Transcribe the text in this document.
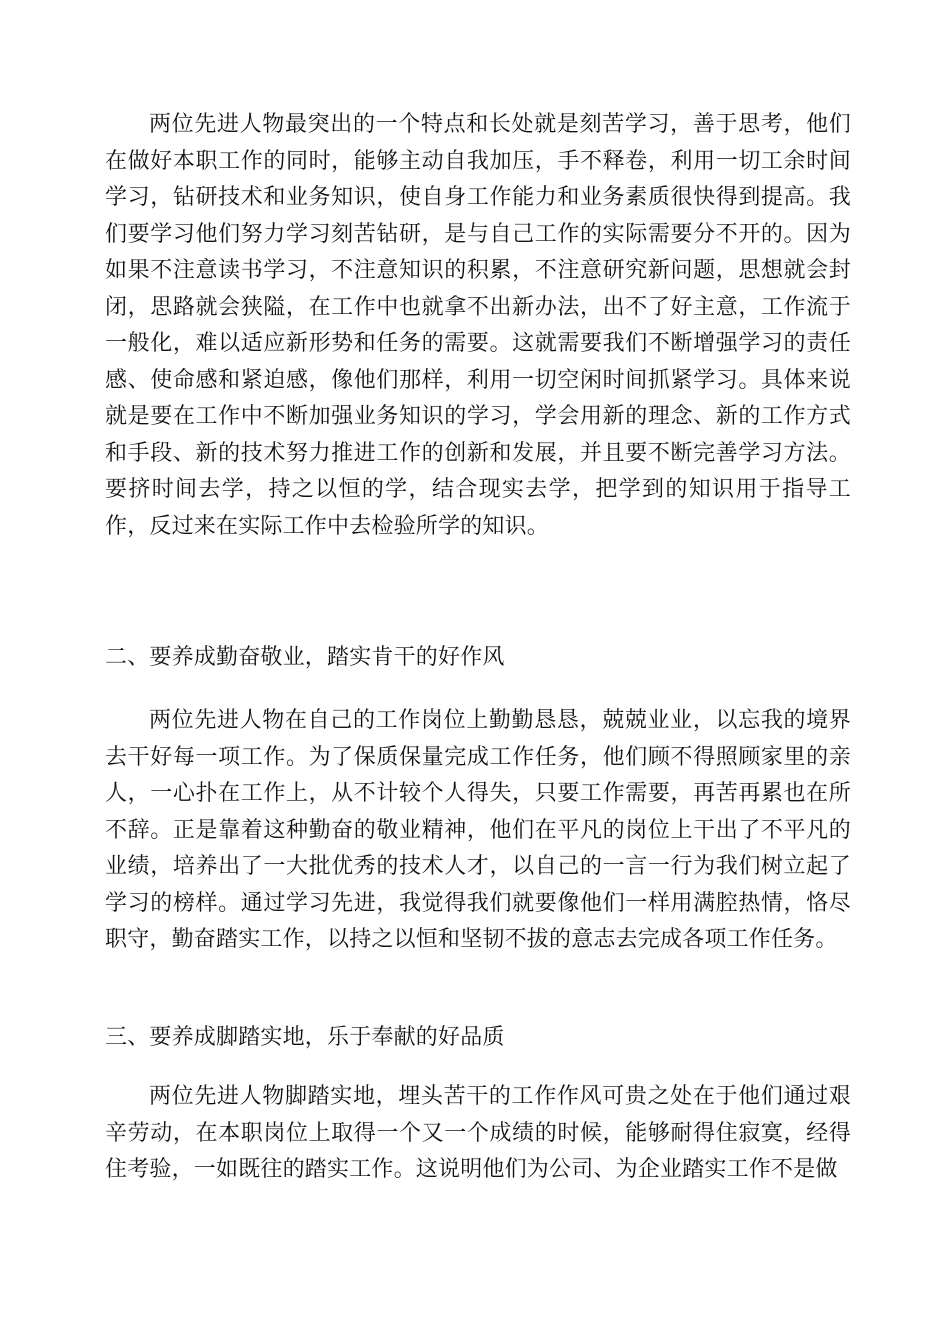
两位先进人物最突出的一个特点和长处就是刻苦学习，善于思考，他们在做好本职工作的同时，能够主动自我加压，手不释卷，利用一切工余时间学习，钻研技术和业务知识，使自身工作能力和业务素质很快得到提高。我们要学习他们努力学习刻苦钻研，是与自己工作的实际需要分不开的。因为如果不注意读书学习，不注意知识的积累，不注意研究新问题，思想就会封闭，思路就会狭隘，在工作中也就拿不出新办法，出不了好主意，工作流于一般化，难以适应新形势和任务的需要。这就需要我们不断增强学习的责任感、使命感和紧迫感，像他们那样，利用一切空闲时间抓紧学习。具体来说就是要在工作中不断加强业务知识的学习，学会用新的理念、新的工作方式和手段、新的技术努力推进工作的创新和发展，并且要不断完善学习方法。要挤时间去学，持之以恒的学，结合现实去学，把学到的知识用于指导工作，反过来在实际工作中去检验所学的知识。

二、要养成勤奋敬业，踏实肯干的好作风

两位先进人物在自己的工作岗位上勤勤恳恳，兢兢业业，以忘我的境界去干好每一项工作。为了保质保量完成工作任务，他们顾不得照顾家里的亲人，一心扑在工作上，从不计较个人得失，只要工作需要，再苦再累也在所不辞。正是靠着这种勤奋的敬业精神，他们在平凡的岗位上干出了不平凡的业绩，培养出了一大批优秀的技术人才，以自己的一言一行为我们树立起了学习的榜样。通过学习先进，我觉得我们就要像他们一样用满腔热情，恪尽职守，勤奋踏实工作，以持之以恒和坚韧不拔的意志去完成各项工作任务。

三、要养成脚踏实地，乐于奉献的好品质

两位先进人物脚踏实地，埋头苦干的工作作风可贵之处在于他们通过艰辛劳动，在本职岗位上取得一个又一个成绩的时候，能够耐得住寂寞，经得住考验，一如既往的踏实工作。这说明他们为公司、为企业踏实工作不是做
